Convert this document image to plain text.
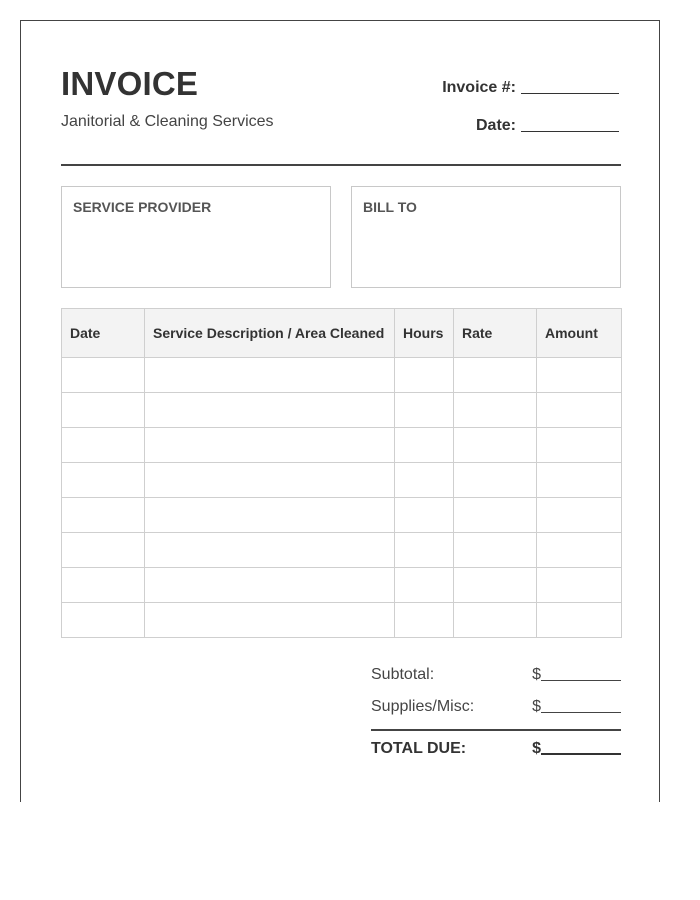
INVOICE
Janitorial & Cleaning Services
Invoice #:
Date:
SERVICE PROVIDER	BILL TO
Date	Service Description / Area Cleaned	Hours	Rate	Amount

Subtotal:	$
Supplies/Misc:	$
TOTAL DUE:	$
